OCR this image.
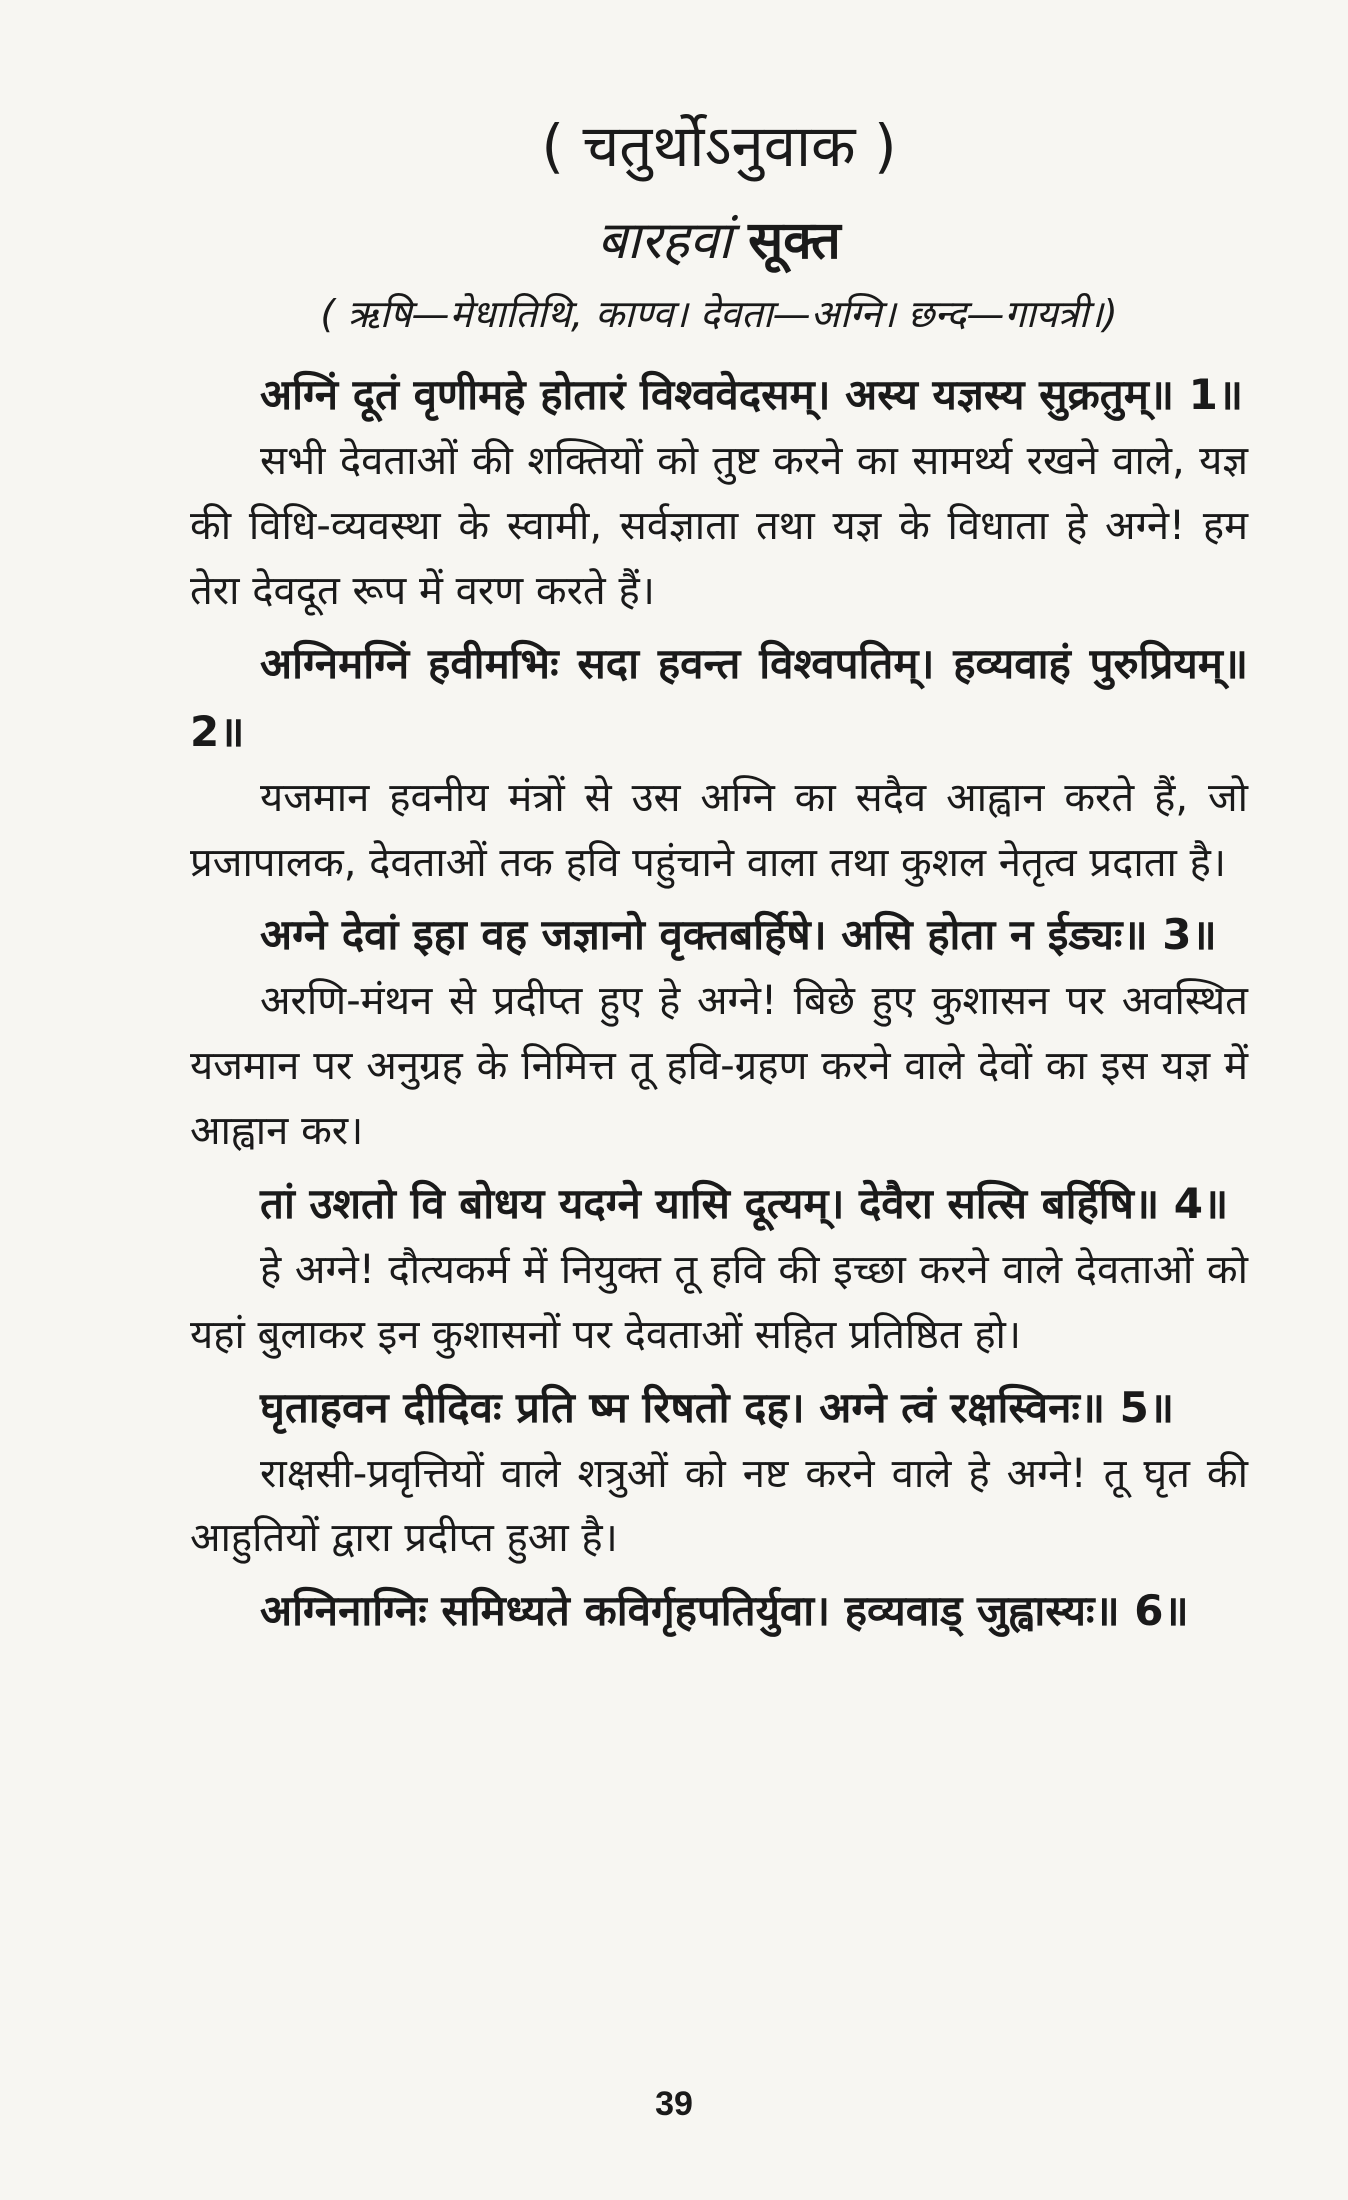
( चतुर्थोऽनुवाक )
बारहवां सूक्त
( ऋषि—मेधातिथि, काण्व। देवता—अग्नि। छन्द—गायत्री।)

अग्निं दूतं वृणीमहे होतारं विश्ववेदसम्। अस्य यज्ञस्य सुक्रतुम्॥ 1॥

सभी देवताओं की शक्तियों को तुष्ट करने का सामर्थ्य रखने वाले, यज्ञ की विधि-व्यवस्था के स्वामी, सर्वज्ञाता तथा यज्ञ के विधाता हे अग्ने! हम तेरा देवदूत रूप में वरण करते हैं।

अग्निमग्निं हवीमभिः सदा हवन्त विश्वपतिम्। हव्यवाहं पुरुप्रियम्॥ 2॥

यजमान हवनीय मंत्रों से उस अग्नि का सदैव आह्वान करते हैं, जो प्रजापालक, देवताओं तक हवि पहुंचाने वाला तथा कुशल नेतृत्व प्रदाता है।

अग्ने देवां इहा वह जज्ञानो वृक्तबर्हिषे। असि होता न ईड्यः॥ 3॥

अरणि-मंथन से प्रदीप्त हुए हे अग्ने! बिछे हुए कुशासन पर अवस्थित यजमान पर अनुग्रह के निमित्त तू हवि-ग्रहण करने वाले देवों का इस यज्ञ में आह्वान कर।

तां उशतो वि बोधय यदग्ने यासि दूत्यम्। देवैरा सत्सि बर्हिषि॥ 4॥

हे अग्ने! दौत्यकर्म में नियुक्त तू हवि की इच्छा करने वाले देवताओं को यहां बुलाकर इन कुशासनों पर देवताओं सहित प्रतिष्ठित हो।

घृताहवन दीदिवः प्रति ष्म रिषतो दह। अग्ने त्वं रक्षस्विनः॥ 5॥

राक्षसी-प्रवृत्तियों वाले शत्रुओं को नष्ट करने वाले हे अग्ने! तू घृत की आहुतियों द्वारा प्रदीप्त हुआ है।

अग्निनाग्निः समिध्यते कविर्गृहपतिर्युवा। हव्यवाड् जुह्वास्यः॥ 6॥

39
